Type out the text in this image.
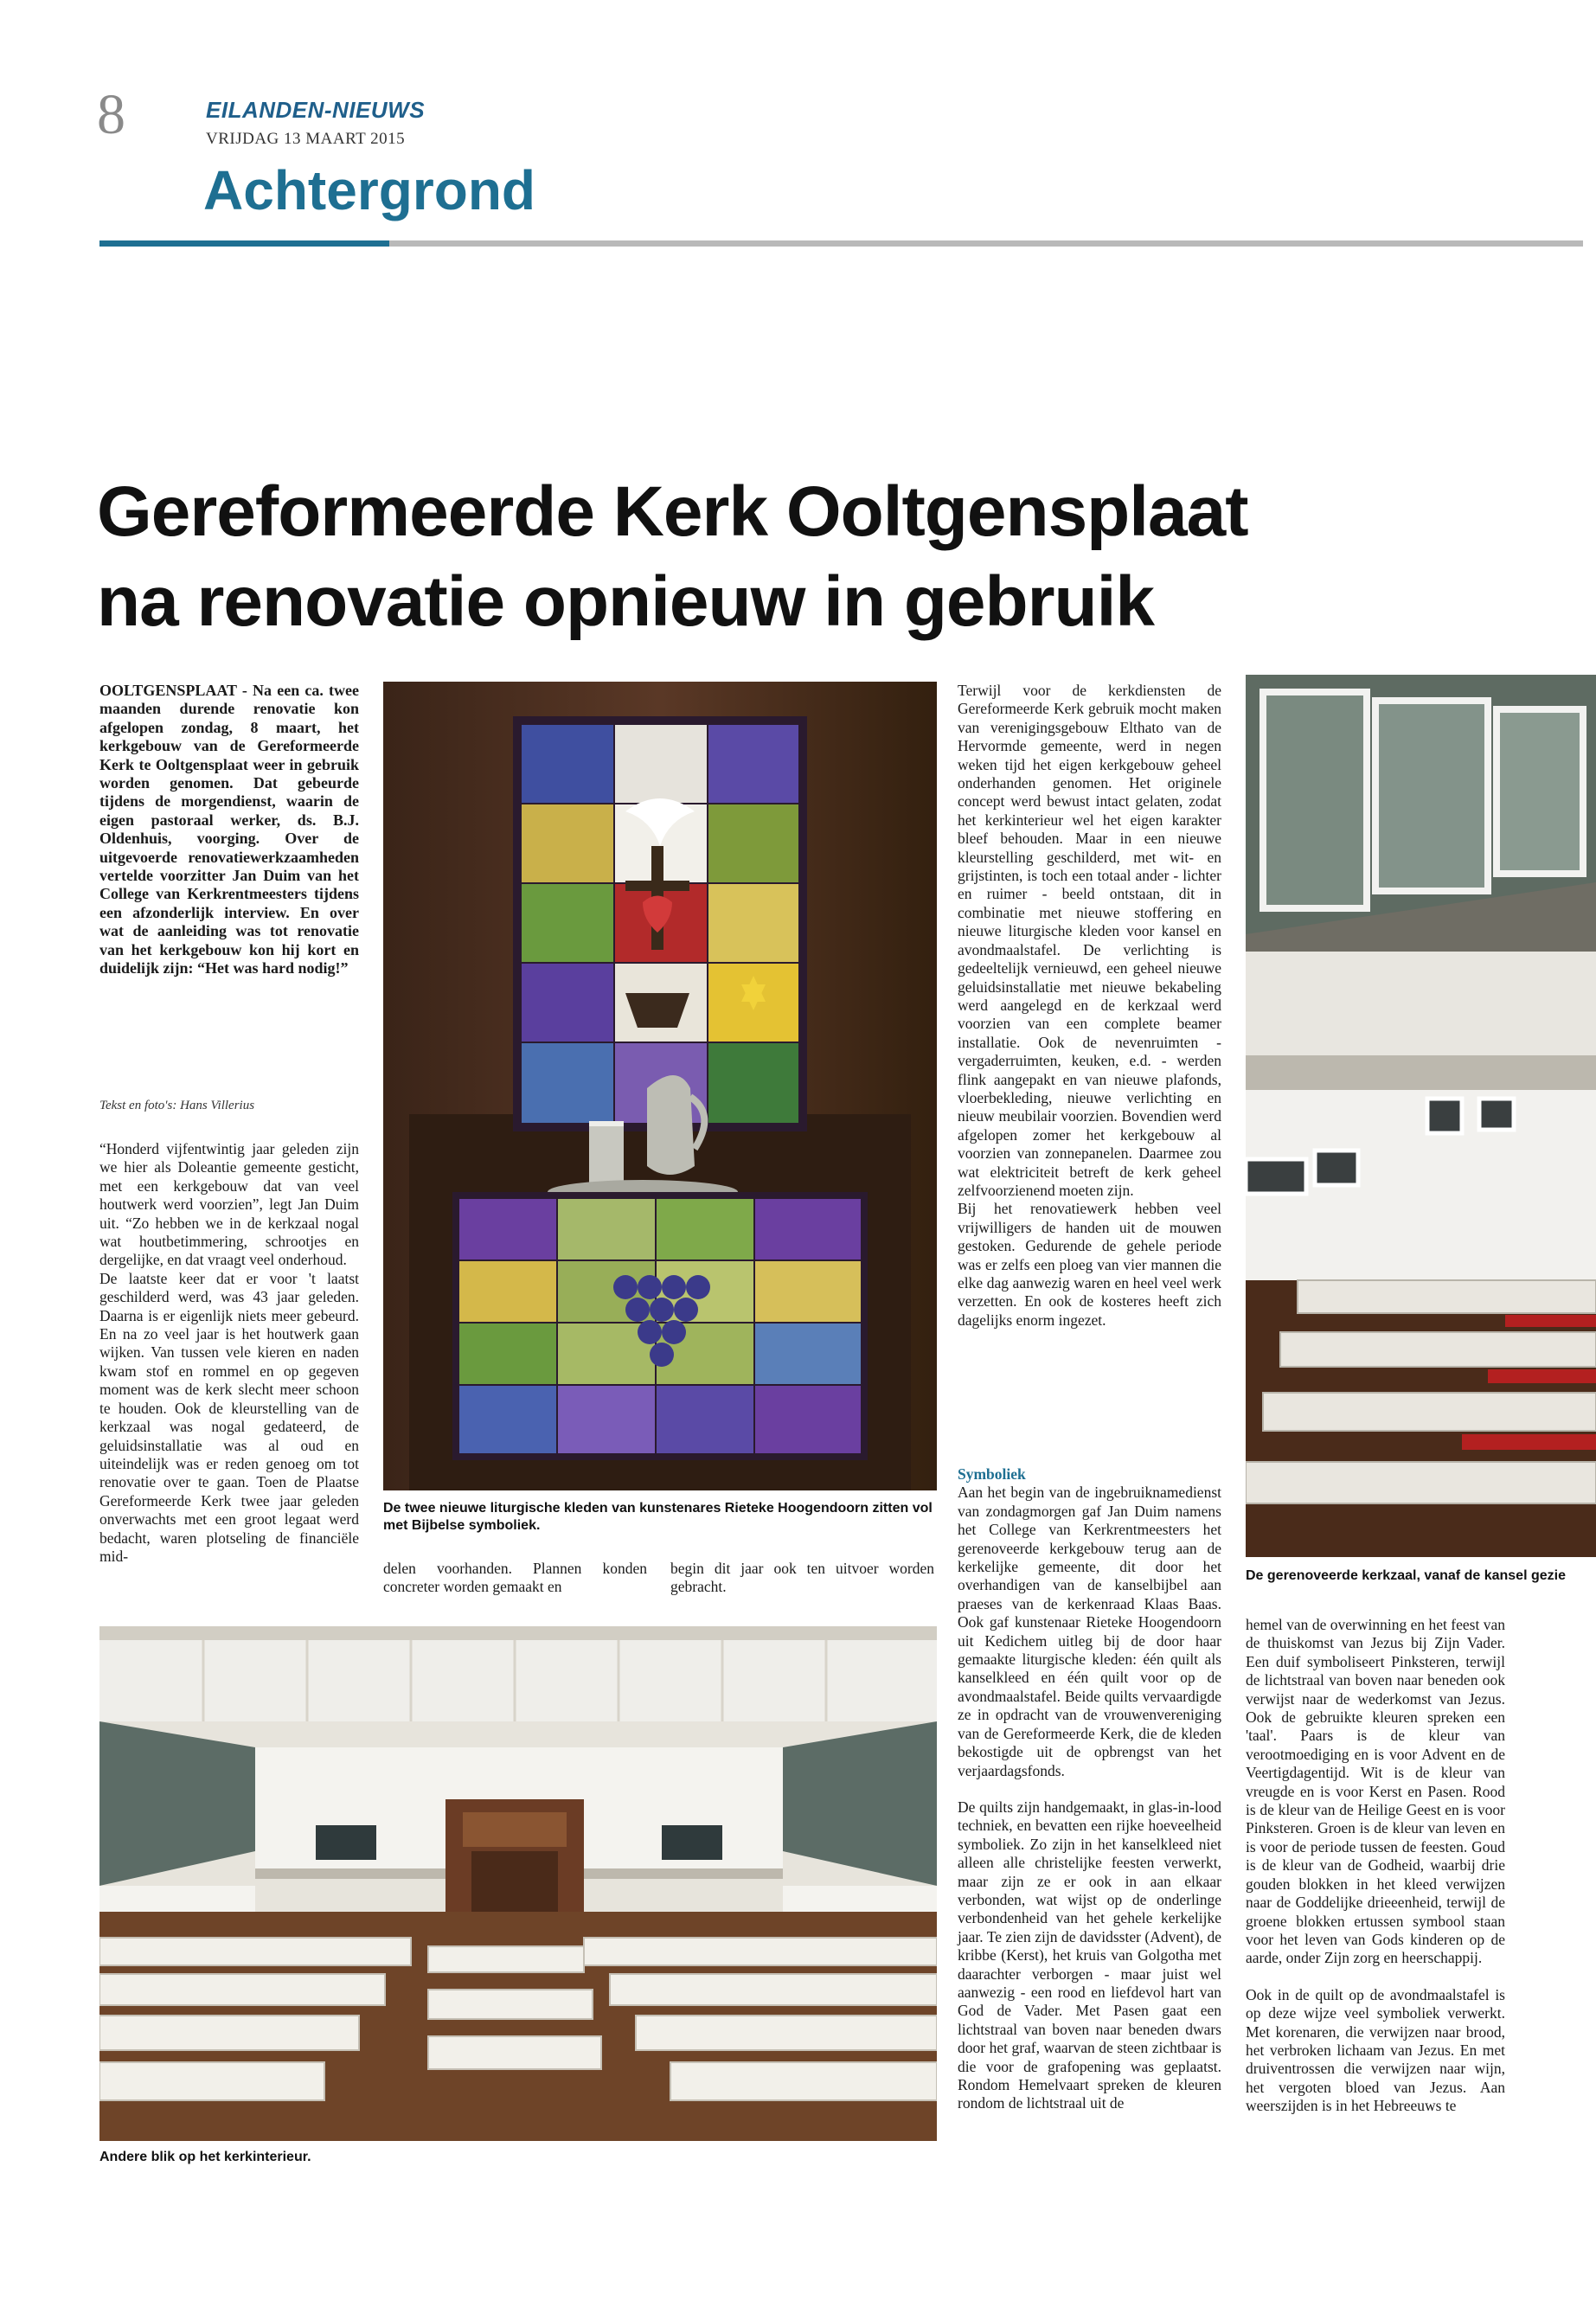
8	EILANDEN-NIEUWS
VRIJDAG 13 MAART 2015
Achtergrond
Gereformeerde Kerk Ooltgensplaat
na renovatie opnieuw in gebruik
OOLTGENSPLAAT - Na een ca. twee maanden durende renovatie kon afgelopen zondag, 8 maart, het kerkgebouw van de Gereformeerde Kerk te Ooltgensplaat weer in gebruik worden genomen. Dat gebeurde tijdens de morgendienst, waarin de eigen pastoraal werker, ds. B.J. Oldenhuis, voorging. Over de uitgevoerde renovatiewerkzaamheden vertelde voorzitter Jan Duim van het College van Kerkrentmeesters tijdens een afzonderlijk interview. En over wat de aanleiding was tot renovatie van het kerkgebouw kon hij kort en duidelijk zijn: “Het was hard nodig!”
Tekst en foto's: Hans Villerius

“Honderd vijfentwintig jaar geleden zijn we hier als Doleantie gemeente gesticht, met een kerkgebouw dat van veel houtwerk werd voorzien”, legt Jan Duim uit. “Zo hebben we in de kerkzaal nogal wat houtbetimmering, schrootjes en dergelijke, en dat vraagt veel onderhoud.

De laatste keer dat er voor 't laatst geschilderd werd, was 43 jaar geleden. Daarna is er eigenlijk niets meer gebeurd. En na zo veel jaar is het houtwerk gaan wijken. Van tussen vele kieren en naden kwam stof en rommel en op gegeven moment was de kerk slecht meer schoon te houden. Ook de kleurstelling van de kerkzaal was nogal gedateerd, de geluidsinstallatie was al oud en uiteindelijk was er reden genoeg om tot renovatie over te gaan. Toen de Plaatse Gereformeerde Kerk twee jaar geleden onverwachts met een groot legaat werd bedacht, waren plotseling de financiële mid-

De twee nieuwe liturgische kleden van kunstenares Rieteke Hoogendoorn zitten vol met Bijbelse symboliek.
delen voorhanden. Plannen konden concreter worden gemaakt en
begin dit jaar ook ten uitvoer worden gebracht.

Terwijl voor de kerkdiensten de Gereformeerde Kerk gebruik mocht maken van verenigingsgebouw Elthato van de Hervormde gemeente, werd in negen weken tijd het eigen kerkgebouw geheel onderhanden genomen. Het originele concept werd bewust intact gelaten, zodat het kerkinterieur wel het eigen karakter bleef behouden. Maar in een nieuwe kleurstelling geschilderd, met wit- en grijstinten, is toch een totaal ander - lichter en ruimer - beeld ontstaan, dit in combinatie met nieuwe stoffering en nieuwe liturgische kleden voor kansel en avondmaalstafel. De verlichting is gedeeltelijk vernieuwd, een geheel nieuwe geluidsinstallatie met nieuwe bekabeling werd aangelegd en de kerkzaal werd voorzien van een complete beamer installatie. Ook de nevenruimten - vergaderruimten, keuken, e.d. - werden flink aangepakt en van nieuwe plafonds, vloerbekleding, nieuwe verlichting en nieuw meubilair voorzien. Bovendien werd afgelopen zomer het kerkgebouw al voorzien van zonnepanelen. Daarmee zou wat elektriciteit betreft de kerk geheel zelfvoorzienend moeten zijn.

Bij het renovatiewerk hebben veel vrijwilligers de handen uit de mouwen gestoken. Gedurende de gehele periode was er zelfs een ploeg van vier mannen die elke dag aanwezig waren en heel veel werk verzetten. En ook de kosteres heeft zich dagelijks enorm ingezet.

Symboliek

Aan het begin van de ingebruiknamedienst van zondagmorgen gaf Jan Duim namens het College van Kerkrentmeesters het gerenoveerde kerkgebouw terug aan de kerkelijke gemeente, dit door het overhandigen van de kanselbijbel aan praeses van de kerkenraad Klaas Baas. Ook gaf kunstenaar Rieteke Hoogendoorn uit Kedichem uitleg bij de door haar gemaakte liturgische kleden: één quilt als kanselkleed en één quilt voor op de avondmaalstafel. Beide quilts vervaardigde ze in opdracht van de vrouwenvereniging van de Gereformeerde Kerk, die de kleden bekostigde uit de opbrengst van het verjaardagsfonds.

De quilts zijn handgemaakt, in glas-in-lood techniek, en bevatten een rijke hoeveelheid symboliek. Zo zijn in het kanselkleed niet alleen alle christelijke feesten verwerkt, maar zijn ze er ook in aan elkaar verbonden, wat wijst op de onderlinge verbondenheid van het gehele kerkelijke jaar. Te zien zijn de davidsster (Advent), de kribbe (Kerst), het kruis van Golgotha met daarachter verborgen - maar juist wel aanwezig - een rood en liefdevol hart van God de Vader. Met Pasen gaat een lichtstraal van boven naar beneden dwars door het graf, waarvan de steen zichtbaar is die voor de grafopening was geplaatst. Rondom Hemelvaart spreken de kleuren rondom de lichtstraal uit de

De gerenoveerde kerkzaal, vanaf de kansel gezie

hemel van de overwinning en het feest van de thuiskomst van Jezus bij Zijn Vader. Een duif symboliseert Pinksteren, terwijl de lichtstraal van boven naar beneden ook verwijst naar de wederkomst van Jezus. Ook de gebruikte kleuren spreken een 'taal'. Paars is de kleur van verootmoediging en is voor Advent en de Veertigdagentijd. Wit is de kleur van vreugde en is voor Kerst en Pasen. Rood is de kleur van de Heilige Geest en is voor Pinksteren. Groen is de kleur van leven en is voor de periode tussen de feesten. Goud is de kleur van de Godheid, waarbij drie gouden blokken in het kleed verwijzen naar de Goddelijke drieeenheid, terwijl de groene blokken ertussen symbool staan voor het leven van Gods kinderen op de aarde, onder Zijn zorg en heerschappij.

Ook in de quilt op de avondmaalstafel is op deze wijze veel symboliek verwerkt. Met korenaren, die verwijzen naar brood, het verbroken lichaam van Jezus. En met druiventrossen die verwijzen naar wijn, het vergoten bloed van Jezus. Aan weerszijden is in het Hebreeuws te

Andere blik op het kerkinterieur.
